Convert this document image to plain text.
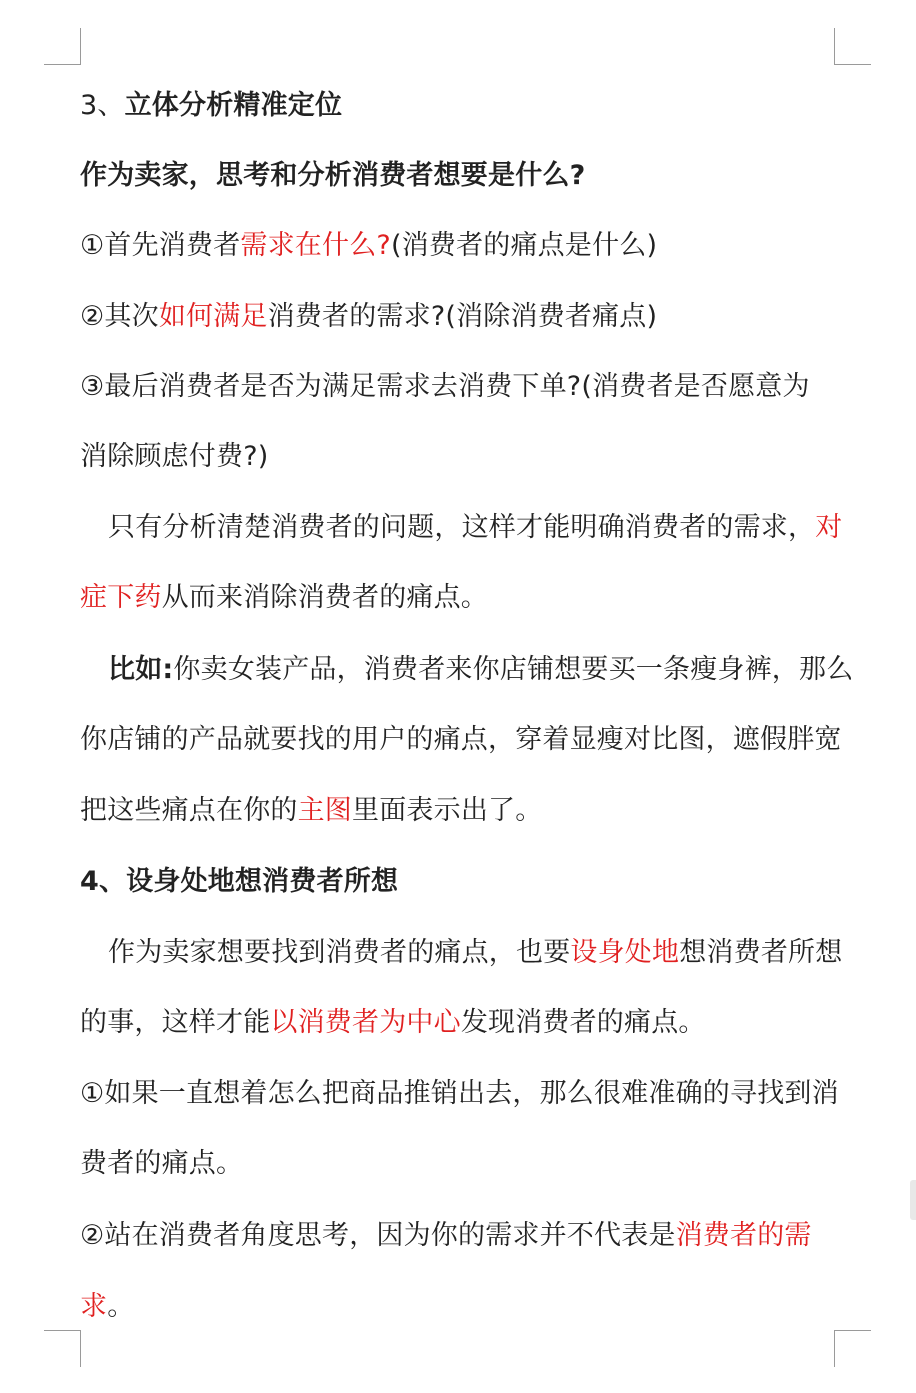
3、立体分析精准定位
作为卖家，思考和分析消费者想要是什么?
①首先消费者需求在什么?(消费者的痛点是什么)
②其次如何满足消费者的需求?(消除消费者痛点)
③最后消费者是否为满足需求去消费下单?(消费者是否愿意为
消除顾虑付费?)
只有分析清楚消费者的问题，这样才能明确消费者的需求，对
症下药从而来消除消费者的痛点。
比如:你卖女装产品，消费者来你店铺想要买一条瘦身裤，那么
你店铺的产品就要找的用户的痛点，穿着显瘦对比图，遮假胖宽
把这些痛点在你的主图里面表示出了。
4、设身处地想消费者所想
作为卖家想要找到消费者的痛点，也要设身处地想消费者所想
的事，这样才能以消费者为中心发现消费者的痛点。
①如果一直想着怎么把商品推销出去，那么很难准确的寻找到消
费者的痛点。
②站在消费者角度思考，因为你的需求并不代表是消费者的需
求。
